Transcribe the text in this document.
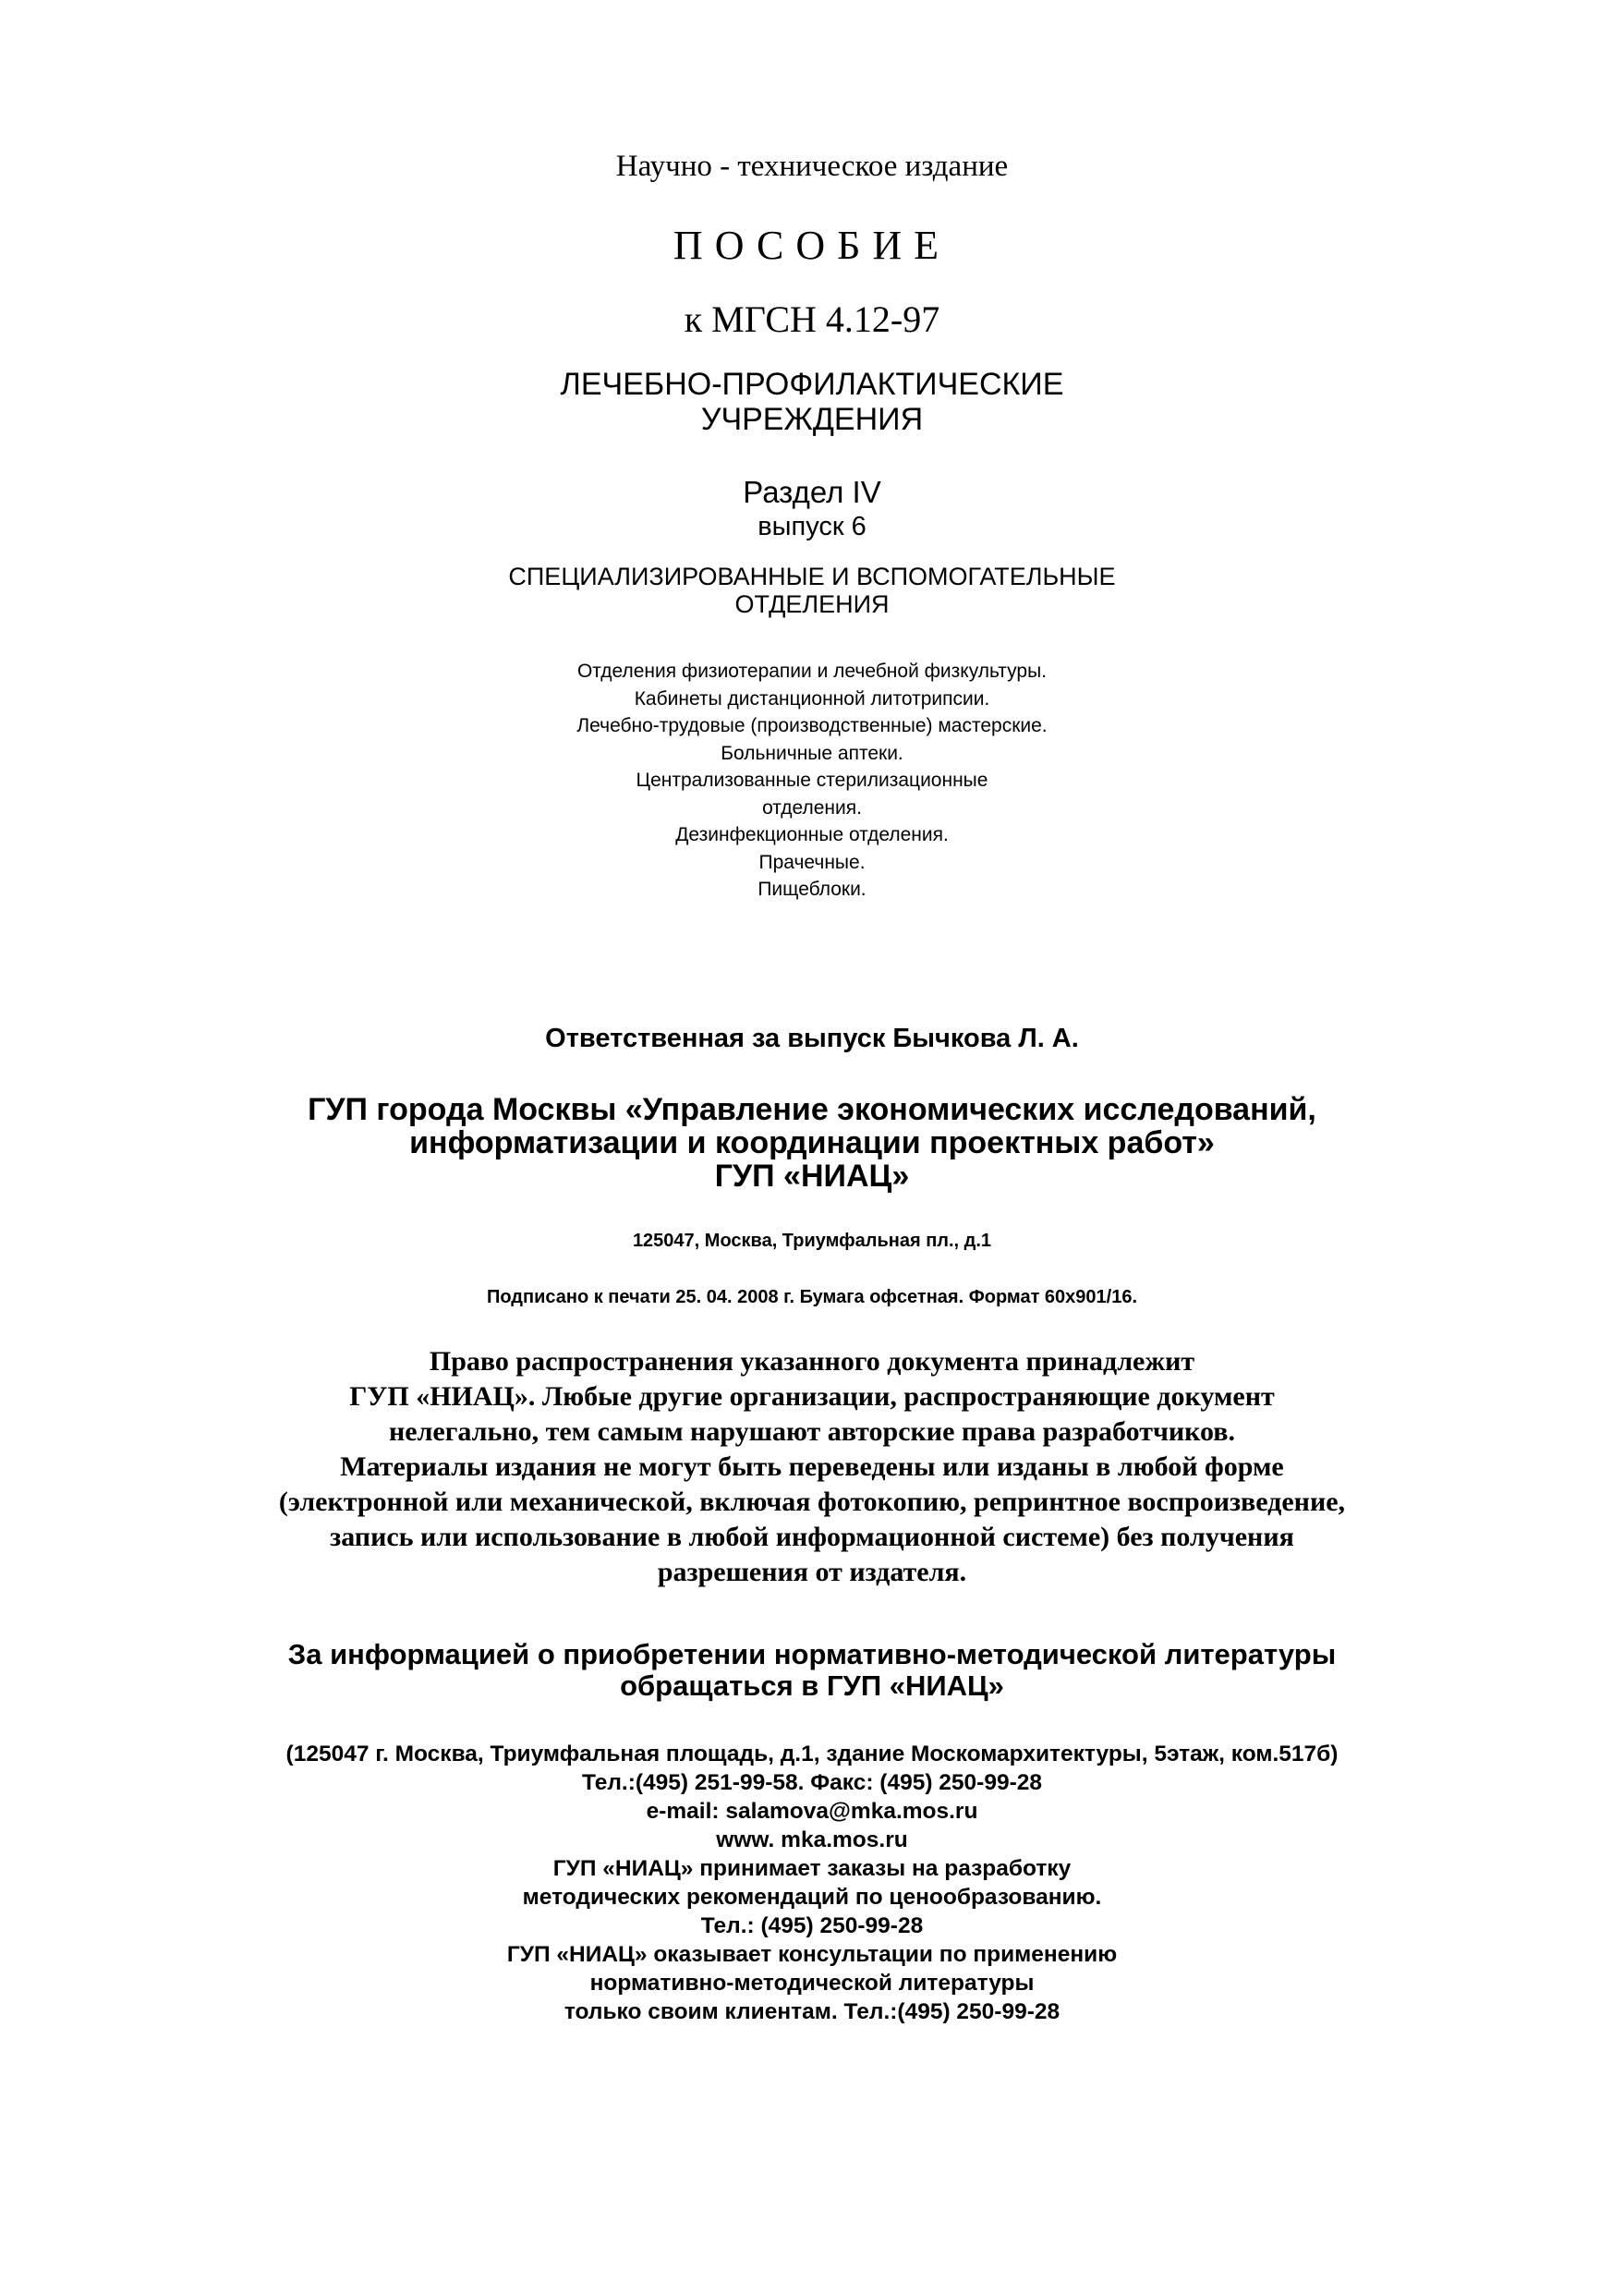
Научно - техническое издание
ПОСОБИЕ
к МГСН 4.12-97
ЛЕЧЕБНО-ПРОФИЛАКТИЧЕСКИЕ
УЧРЕЖДЕНИЯ
Раздел IV
выпуск 6
СПЕЦИАЛИЗИРОВАННЫЕ И ВСПОМОГАТЕЛЬНЫЕ
ОТДЕЛЕНИЯ
Отделения физиотерапии и лечебной физкультуры.
Кабинеты дистанционной литотрипсии.
Лечебно-трудовые (производственные) мастерские.
Больничные аптеки.
Централизованные стерилизационные
отделения.
Дезинфекционные отделения.
Прачечные.
Пищеблоки.
Ответственная за выпуск Бычкова Л. А.
ГУП города Москвы «Управление экономических исследований,
информатизации и координации проектных работ»
ГУП «НИАЦ»
125047, Москва, Триумфальная пл., д.1
Подписано к печати 25. 04. 2008 г. Бумага офсетная. Формат 60х901/16.
Право распространения указанного документа принадлежит
ГУП «НИАЦ». Любые другие организации, распространяющие документ
нелегально, тем самым нарушают авторские права разработчиков.
Материалы издания не могут быть переведены или изданы в любой форме
(электронной или механической, включая фотокопию, репринтное воспроизведение,
запись или использование в любой информационной системе) без получения
разрешения от издателя.
За информацией о приобретении нормативно-методической литературы
обращаться в ГУП «НИАЦ»
(125047 г. Москва, Триумфальная площадь, д.1, здание Москомархитектуры, 5этаж, ком.517б)
Тел.:(495) 251-99-58. Факс: (495) 250-99-28
e-mail: salamova@mka.mos.ru
www. mka.mos.ru
ГУП «НИАЦ» принимает заказы на разработку
методических рекомендаций по ценообразованию.
Тел.: (495) 250-99-28
ГУП «НИАЦ» оказывает консультации по применению
нормативно-методической литературы
только своим клиентам. Тел.:(495) 250-99-28
